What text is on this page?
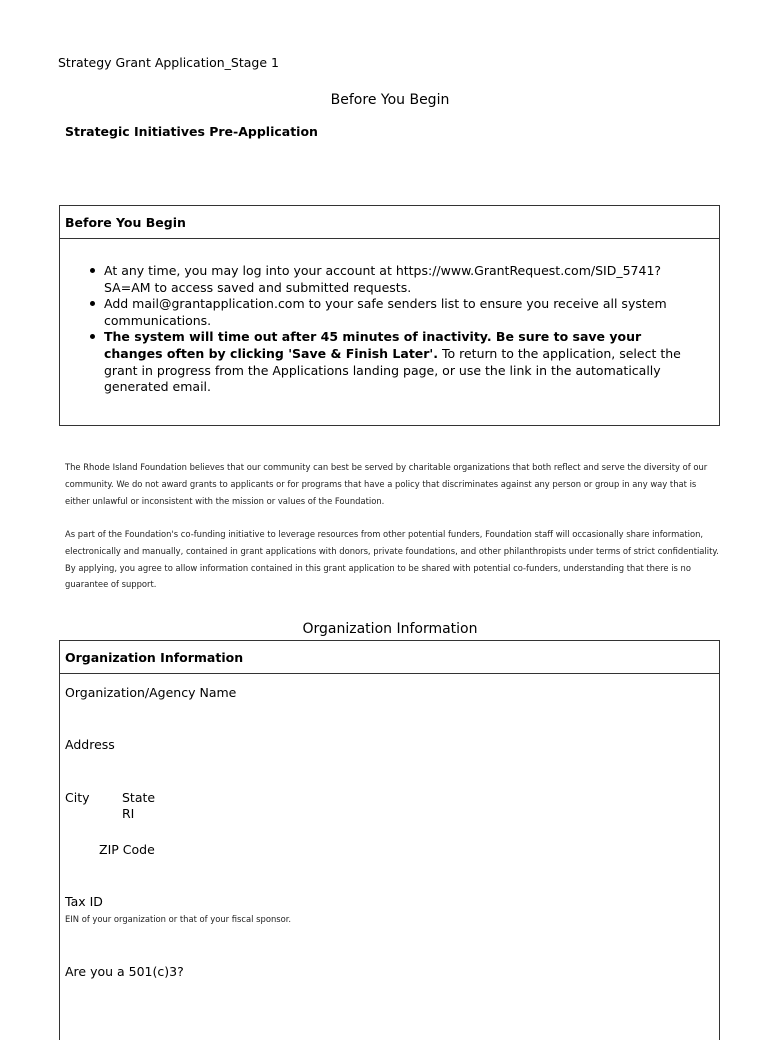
Strategy Grant Application_Stage 1
Before You Begin
Strategic Initiatives Pre-Application
Before You Begin
At any time, you may log into your account at https://www.GrantRequest.com/SID_5741?SA=AM to access saved and submitted requests.
Add mail@grantapplication.com to your safe senders list to ensure you receive all system communications.
The system will time out after 45 minutes of inactivity. Be sure to save your changes often by clicking 'Save & Finish Later'. To return to the application, select the grant in progress from the Applications landing page, or use the link in the automatically generated email.
The Rhode Island Foundation believes that our community can best be served by charitable organizations that both reflect and serve the diversity of our community. We do not award grants to applicants or for programs that have a policy that discriminates against any person or group in any way that is either unlawful or inconsistent with the mission or values of the Foundation.
As part of the Foundation's co-funding initiative to leverage resources from other potential funders, Foundation staff will occasionally share information, electronically and manually, contained in grant applications with donors, private foundations, and other philanthropists under terms of strict confidentiality. By applying, you agree to allow information contained in this grant application to be shared with potential co-funders, understanding that there is no guarantee of support.
Organization Information
Organization Information
Organization/Agency Name
Address
City	State
RI
ZIP Code
Tax ID
EIN of your organization or that of your fiscal sponsor.
Are you a 501(c)3?
